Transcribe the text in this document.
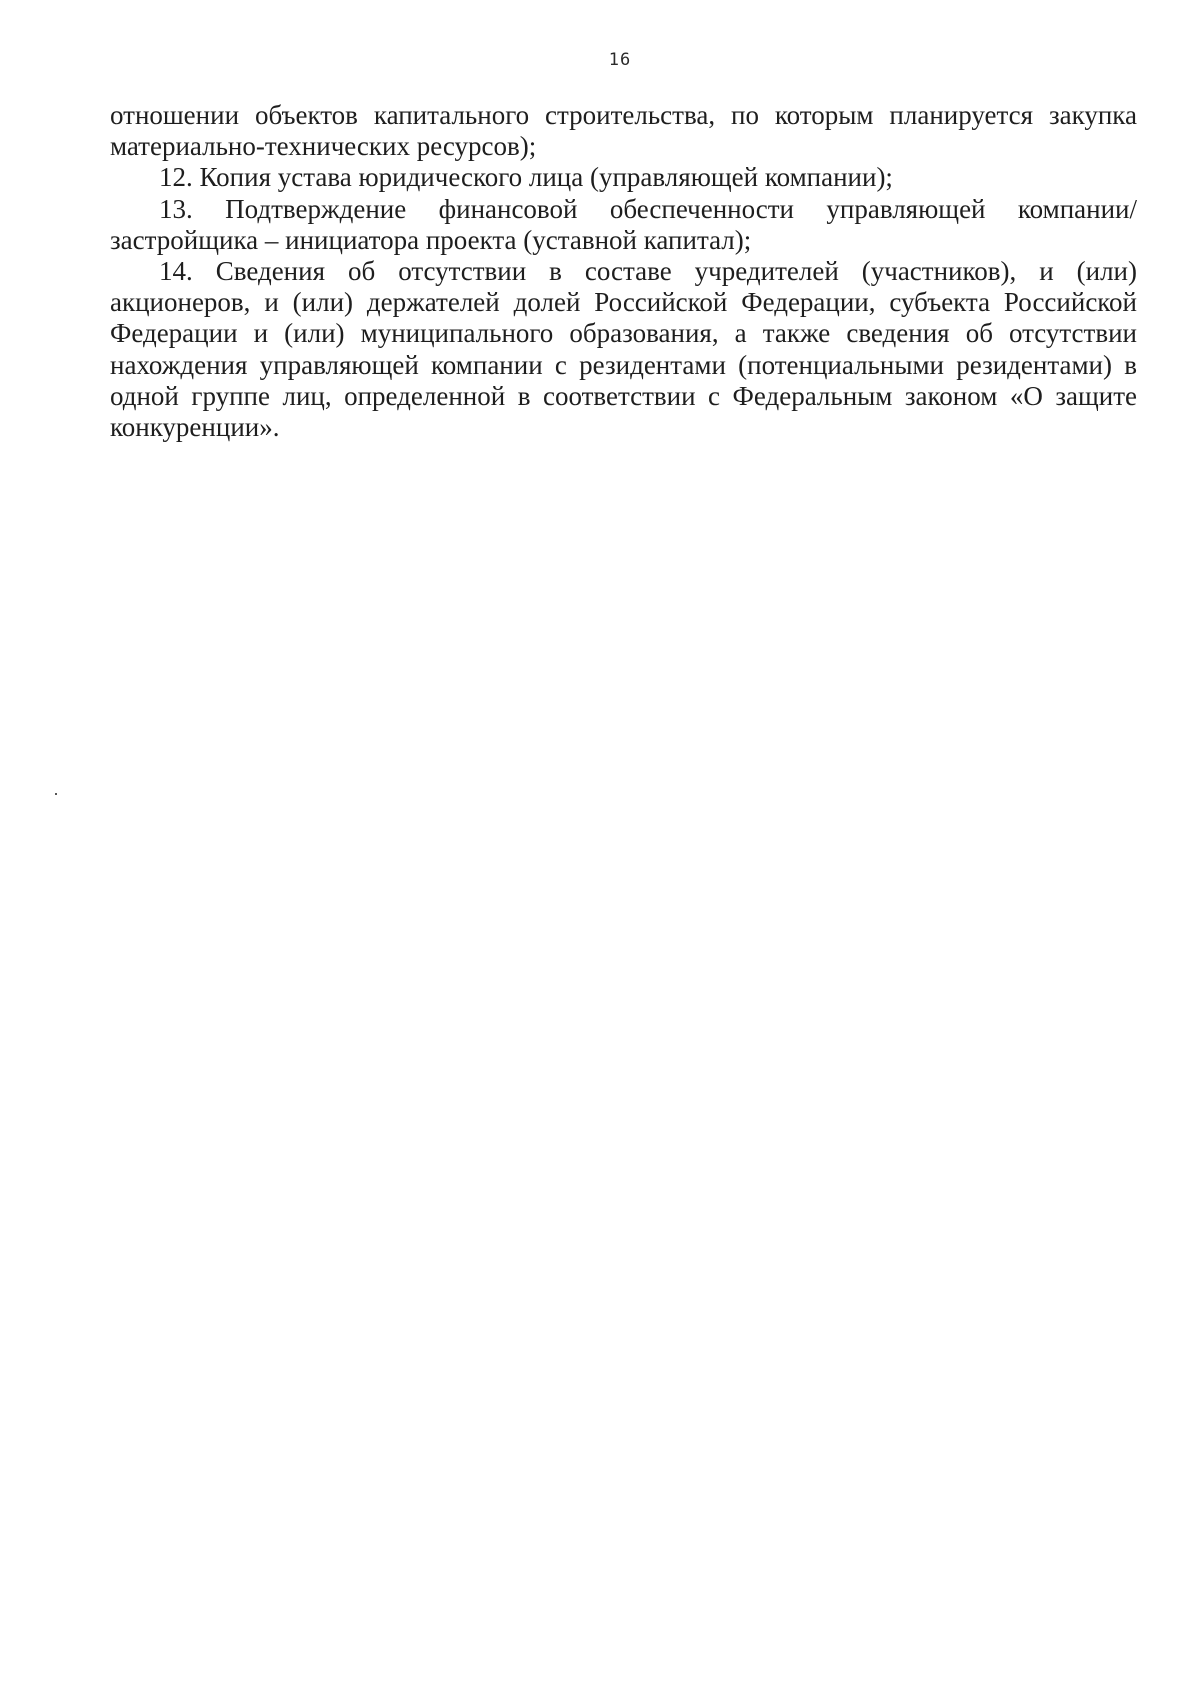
16

отношении объектов капитального строительства, по которым планируется закупка материально-технических ресурсов);

12. Копия устава юридического лица (управляющей компании);

13. Подтверждение финансовой обеспеченности управляющей компании/застройщика – инициатора проекта (уставной капитал);

14. Сведения об отсутствии в составе учредителей (участников), и (или) акционеров, и (или) держателей долей Российской Федерации, субъекта Российской Федерации и (или) муниципального образования, а также сведения об отсутствии нахождения управляющей компании с резидентами (потенциальными резидентами) в одной группе лиц, определенной в соответствии с Федеральным законом «О защите конкуренции».
